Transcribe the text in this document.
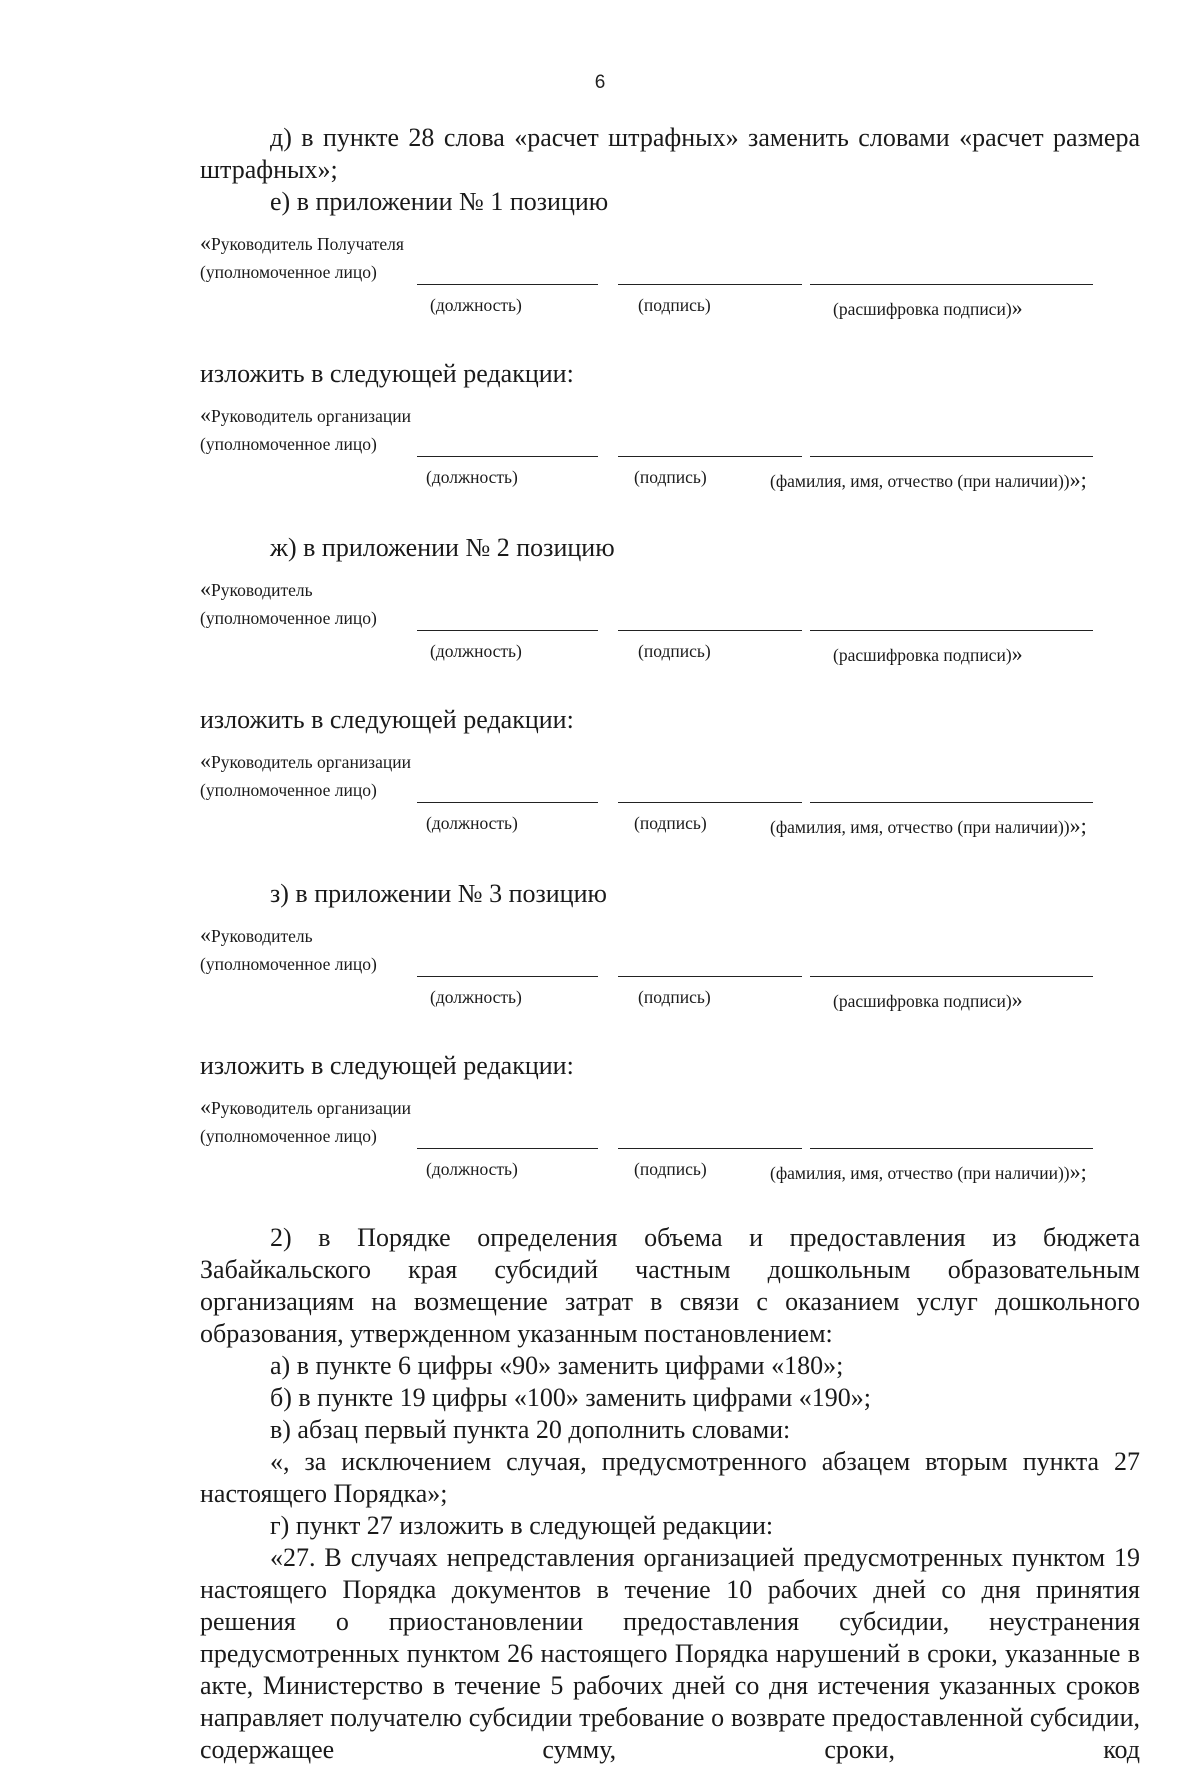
6

д) в пункте 28 слова «расчет штрафных» заменить словами «расчет размера штрафных»;

е) в приложении № 1 позицию

«Руководитель Получателя
(уполномоченное лицо)
(должность)	(подпись)	(расшифровка подписи)»

изложить в следующей редакции:

«Руководитель организации
(уполномоченное лицо)
(должность)	(подпись)	(фамилия, имя, отчество (при наличии))»;

ж) в приложении № 2 позицию

«Руководитель
(уполномоченное лицо)
(должность)	(подпись)	(расшифровка подписи)»

изложить в следующей редакции:

«Руководитель организации
(уполномоченное лицо)
(должность)	(подпись)	(фамилия, имя, отчество (при наличии))»;

з) в приложении № 3 позицию

«Руководитель
(уполномоченное лицо)
(должность)	(подпись)	(расшифровка подписи)»

изложить в следующей редакции:

«Руководитель организации
(уполномоченное лицо)
(должность)	(подпись)	(фамилия, имя, отчество (при наличии))»;

2) в Порядке определения объема и предоставления из бюджета Забайкальского края субсидий частным дошкольным образовательным организациям на возмещение затрат в связи с оказанием услуг дошкольного образования, утвержденном указанным постановлением:

а) в пункте 6 цифры «90» заменить цифрами «180»;

б) в пункте 19 цифры «100» заменить цифрами «190»;

в) абзац первый пункта 20 дополнить словами:

«, за исключением случая, предусмотренного абзацем вторым пункта 27 настоящего Порядка»;

г) пункт 27 изложить в следующей редакции:

«27. В случаях непредставления организацией предусмотренных пунктом 19 настоящего Порядка документов в течение 10 рабочих дней со дня принятия решения о приостановлении предоставления субсидии, неустранения предусмотренных пунктом 26 настоящего Порядка нарушений в сроки, указанные в акте, Министерство в течение 5 рабочих дней со дня истечения указанных сроков направляет получателю субсидии требование о возврате предоставленной субсидии, содержащее сумму, сроки, код
